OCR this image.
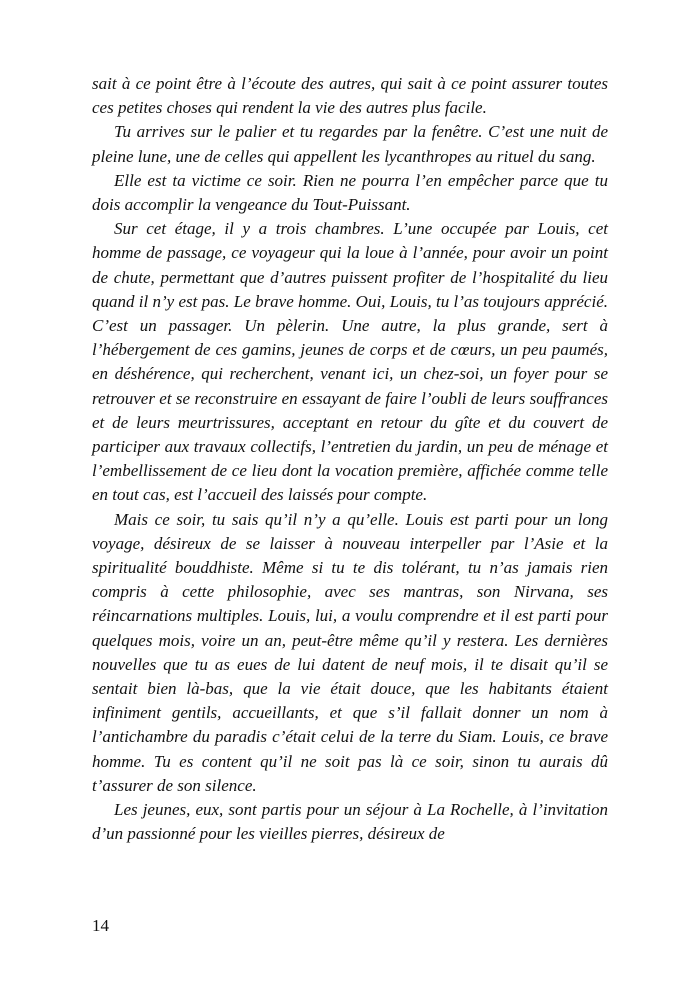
sait à ce point être à l’écoute des autres, qui sait à ce point assurer toutes ces petites choses qui rendent la vie des autres plus facile.

Tu arrives sur le palier et tu regardes par la fenêtre. C’est une nuit de pleine lune, une de celles qui appellent les lycanthropes au rituel du sang.

Elle est ta victime ce soir. Rien ne pourra l’en empêcher parce que tu dois accomplir la vengeance du Tout-Puissant.

Sur cet étage, il y a trois chambres. L’une occupée par Louis, cet homme de passage, ce voyageur qui la loue à l’année, pour avoir un point de chute, permettant que d’autres puissent profiter de l’hospitalité du lieu quand il n’y est pas. Le brave homme. Oui, Louis, tu l’as toujours apprécié. C’est un passager. Un pèlerin. Une autre, la plus grande, sert à l’hébergement de ces gamins, jeunes de corps et de cœurs, un peu paumés, en déshérence, qui recherchent, venant ici, un chez-soi, un foyer pour se retrouver et se reconstruire en essayant de faire l’oubli de leurs souffrances et de leurs meurtrissures, acceptant en retour du gîte et du couvert de participer aux travaux collectifs, l’entretien du jardin, un peu de ménage et l’embellissement de ce lieu dont la vocation première, affichée comme telle en tout cas, est l’accueil des laissés pour compte.

Mais ce soir, tu sais qu’il n’y a qu’elle. Louis est parti pour un long voyage, désireux de se laisser à nouveau interpeller par l’Asie et la spiritualité bouddhiste. Même si tu te dis tolérant, tu n’as jamais rien compris à cette philosophie, avec ses mantras, son Nirvana, ses réincarnations multiples. Louis, lui, a voulu comprendre et il est parti pour quelques mois, voire un an, peut-être même qu’il y restera. Les dernières nouvelles que tu as eues de lui datent de neuf mois, il te disait qu’il se sentait bien là-bas, que la vie était douce, que les habitants étaient infiniment gentils, accueillants, et que s’il fallait donner un nom à l’antichambre du paradis c’était celui de la terre du Siam. Louis, ce brave homme. Tu es content qu’il ne soit pas là ce soir, sinon tu aurais dû t’assurer de son silence.

Les jeunes, eux, sont partis pour un séjour à La Rochelle, à l’invitation d’un passionné pour les vieilles pierres, désireux de

14
